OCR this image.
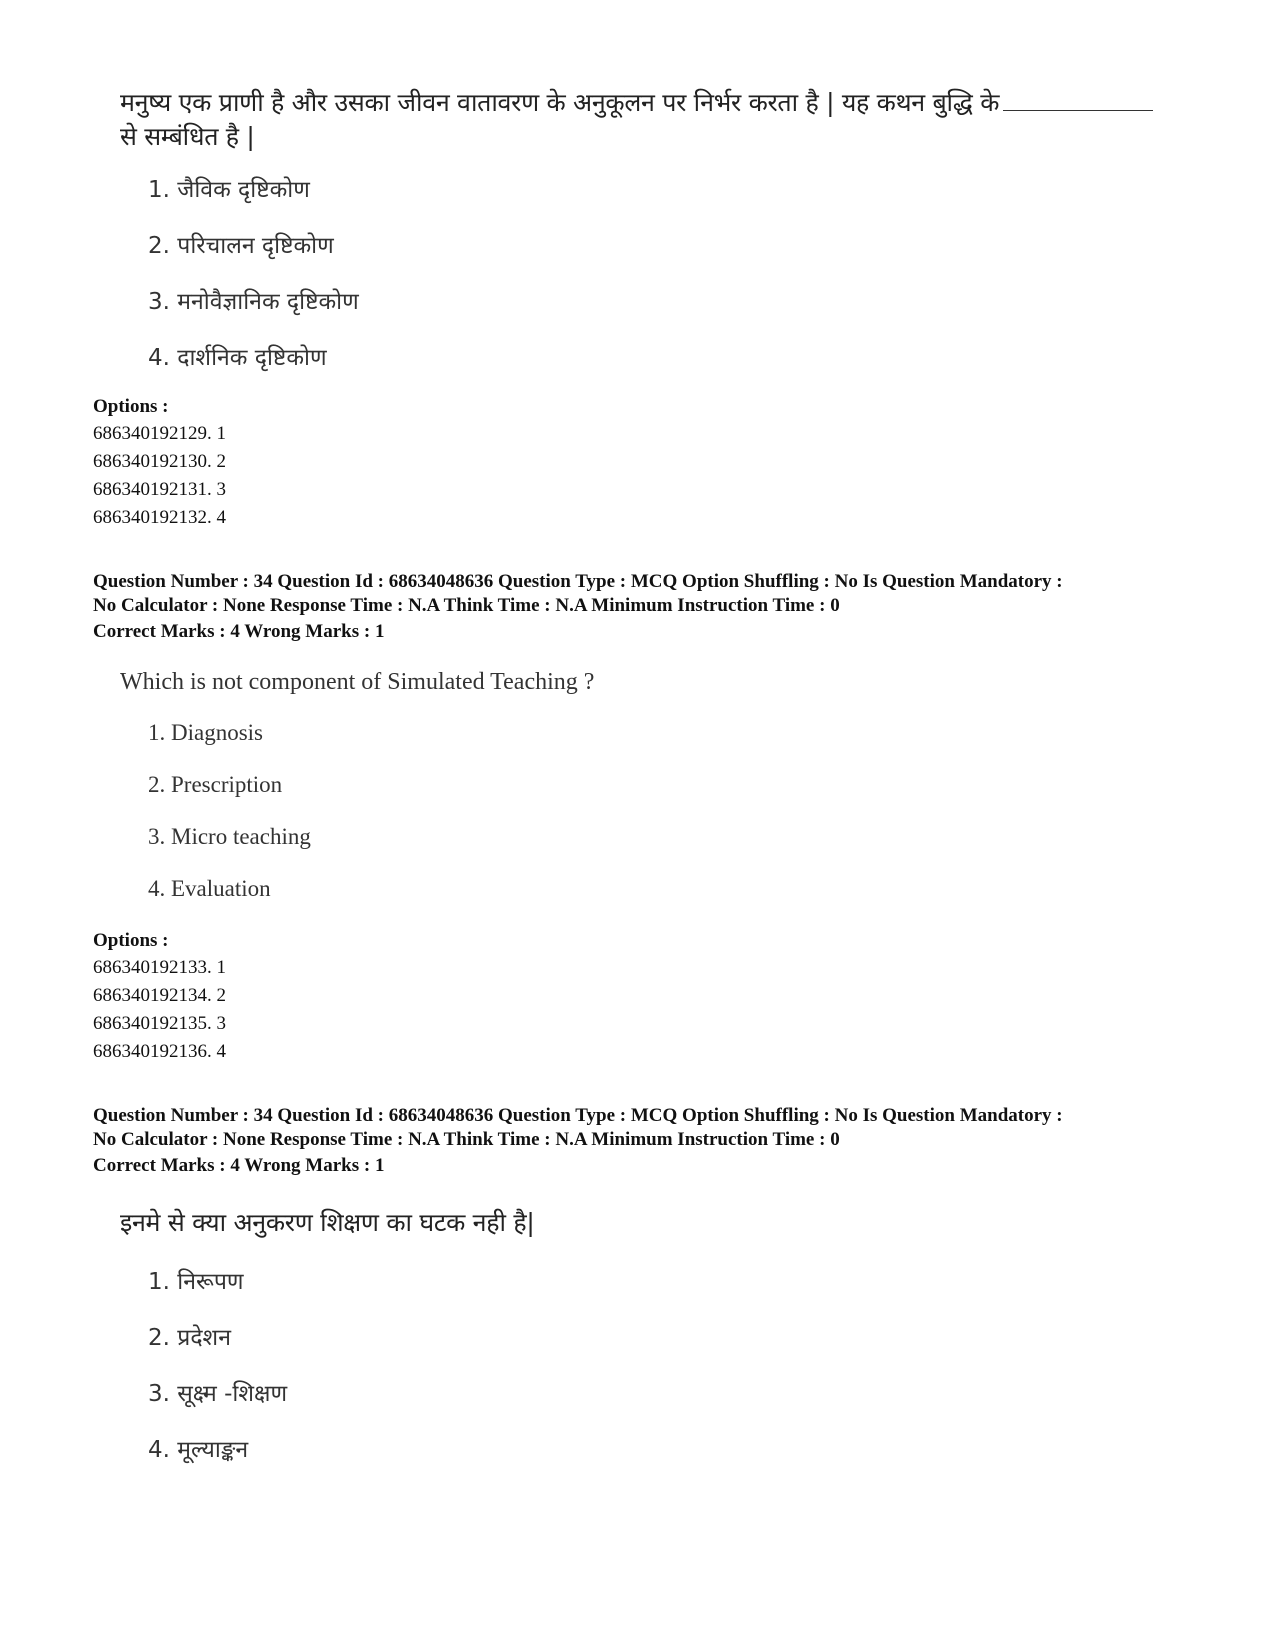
मनुष्य एक प्राणी है और उसका जीवन वातावरण के अनुकूलन पर निर्भर करता है | यह कथन बुद्धि के
से सम्बंधित है |
1. जैविक दृष्टिकोण
2. परिचालन दृष्टिकोण
3. मनोवैज्ञानिक दृष्टिकोण
4. दार्शनिक दृष्टिकोण
Options :
686340192129. 1
686340192130. 2
686340192131. 3
686340192132. 4
Question Number : 34 Question Id : 68634048636 Question Type : MCQ Option Shuffling : No Is Question Mandatory :
No Calculator : None Response Time : N.A Think Time : N.A Minimum Instruction Time : 0
Correct Marks : 4 Wrong Marks : 1
Which is not component of Simulated Teaching ?
1. Diagnosis
2. Prescription
3. Micro teaching
4. Evaluation
Options :
686340192133. 1
686340192134. 2
686340192135. 3
686340192136. 4
Question Number : 34 Question Id : 68634048636 Question Type : MCQ Option Shuffling : No Is Question Mandatory :
No Calculator : None Response Time : N.A Think Time : N.A Minimum Instruction Time : 0
Correct Marks : 4 Wrong Marks : 1
इनमे से क्या अनुकरण शिक्षण का घटक नही है|
1. निरूपण
2. प्रदेशन
3. सूक्ष्म -शिक्षण
4. मूल्याङ्कन
